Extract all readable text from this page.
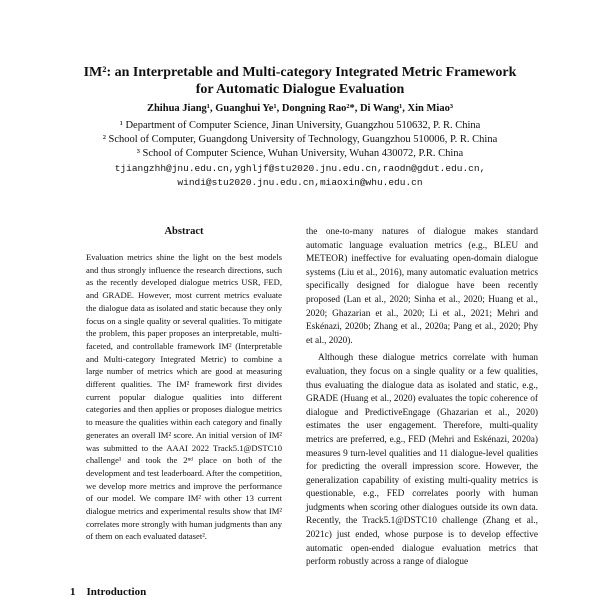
IM²: an Interpretable and Multi-category Integrated Metric Framework
for Automatic Dialogue Evaluation
Zhihua Jiang¹, Guanghui Ye¹, Dongning Rao²*, Di Wang¹, Xin Miao³
¹ Department of Computer Science, Jinan University, Guangzhou 510632, P. R. China
² School of Computer, Guangdong University of Technology, Guangzhou 510006, P. R. China
³ School of Computer Science, Wuhan University, Wuhan 430072, P.R. China
tjiangzhh@jnu.edu.cn,yghljf@stu2020.jnu.edu.cn,raodn@gdut.edu.cn,
windi@stu2020.jnu.edu.cn,miaoxin@whu.edu.cn
Abstract

Evaluation metrics shine the light on the best models and thus strongly influence the research directions, such as the recently developed dialogue metrics USR, FED, and GRADE. However, most current metrics evaluate the dialogue data as isolated and static because they only focus on a single quality or several qualities. To mitigate the problem, this paper proposes an interpretable, multi-faceted, and controllable framework IM² (Interpretable and Multi-category Integrated Metric) to combine a large number of metrics which are good at measuring different qualities. The IM² framework first divides current popular dialogue qualities into different categories and then applies or proposes dialogue metrics to measure the qualities within each category and finally generates an overall IM² score. An initial version of IM² was submitted to the AAAI 2022 Track5.1@DSTC10 challenge¹ and took the 2ⁿᵈ place on both of the development and test leaderboard. After the competition, we develop more metrics and improve the performance of our model. We compare IM² with other 13 current dialogue metrics and experimental results show that IM² correlates more strongly with human judgments than any of them on each evaluated dataset².

1 Introduction

the one-to-many natures of dialogue makes standard automatic language evaluation metrics (e.g., BLEU and METEOR) ineffective for evaluating open-domain dialogue systems (Liu et al., 2016), many automatic evaluation metrics specifically designed for dialogue have been recently proposed (Lan et al., 2020; Sinha et al., 2020; Huang et al., 2020; Ghazarian et al., 2020; Li et al., 2021; Mehri and Eskénazi, 2020b; Zhang et al., 2020a; Pang et al., 2020; Phy et al., 2020).

Although these dialogue metrics correlate with human evaluation, they focus on a single quality or a few qualities, thus evaluating the dialogue data as isolated and static, e.g., GRADE (Huang et al., 2020) evaluates the topic coherence of dialogue and PredictiveEngage (Ghazarian et al., 2020) estimates the user engagement. Therefore, multi-quality metrics are preferred, e.g., FED (Mehri and Eskénazi, 2020a) measures 9 turn-level qualities and 11 dialogue-level qualities for predicting the overall impression score. However, the generalization capability of existing multi-quality metrics is questionable, e.g., FED correlates poorly with human judgments when scoring other dialogues outside its own data. Recently, the Track5.1@DSTC10 challenge (Zhang et al., 2021c) just ended, whose purpose is to develop effective automatic open-ended dialogue evaluation metrics that perform robustly across a range of dialogue
